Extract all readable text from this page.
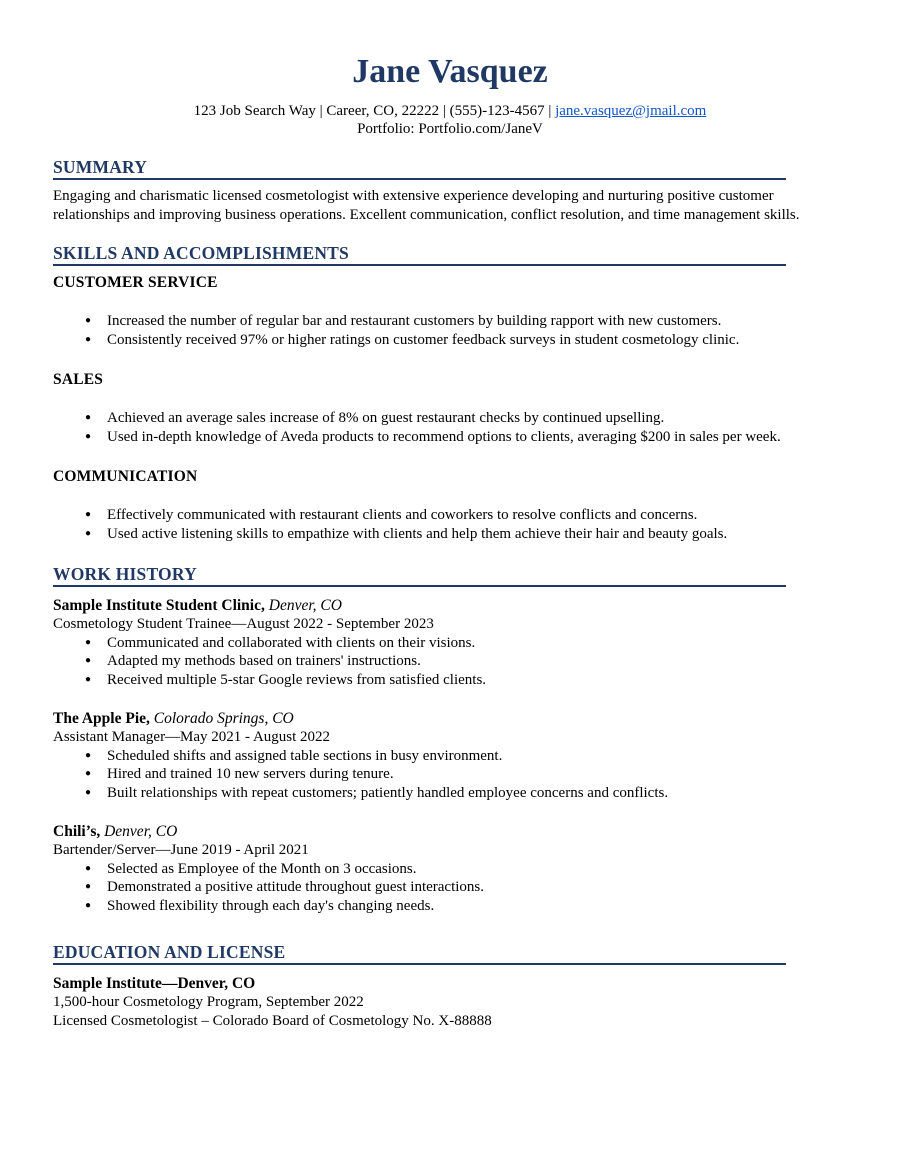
Jane Vasquez
123 Job Search Way | Career, CO, 22222 | (555)-123-4567 | jane.vasquez@jmail.com
Portfolio: Portfolio.com/JaneV
SUMMARY
Engaging and charismatic licensed cosmetologist with extensive experience developing and nurturing positive customer relationships and improving business operations. Excellent communication, conflict resolution, and time management skills.
SKILLS AND ACCOMPLISHMENTS
CUSTOMER SERVICE
● Increased the number of regular bar and restaurant customers by building rapport with new customers.
● Consistently received 97% or higher ratings on customer feedback surveys in student cosmetology clinic.
SALES
● Achieved an average sales increase of 8% on guest restaurant checks by continued upselling.
● Used in-depth knowledge of Aveda products to recommend options to clients, averaging $200 in sales per week.
COMMUNICATION
● Effectively communicated with restaurant clients and coworkers to resolve conflicts and concerns.
● Used active listening skills to empathize with clients and help them achieve their hair and beauty goals.
WORK HISTORY
Sample Institute Student Clinic, Denver, CO
Cosmetology Student Trainee—August 2022 - September 2023
● Communicated and collaborated with clients on their visions.
● Adapted my methods based on trainers' instructions.
● Received multiple 5-star Google reviews from satisfied clients.
The Apple Pie, Colorado Springs, CO
Assistant Manager—May 2021 - August 2022
● Scheduled shifts and assigned table sections in busy environment.
● Hired and trained 10 new servers during tenure.
● Built relationships with repeat customers; patiently handled employee concerns and conflicts.
Chili’s, Denver, CO
Bartender/Server—June 2019 - April 2021
● Selected as Employee of the Month on 3 occasions.
● Demonstrated a positive attitude throughout guest interactions.
● Showed flexibility through each day's changing needs.
EDUCATION AND LICENSE
Sample Institute—Denver, CO
1,500-hour Cosmetology Program, September 2022
Licensed Cosmetologist – Colorado Board of Cosmetology No. X-88888
